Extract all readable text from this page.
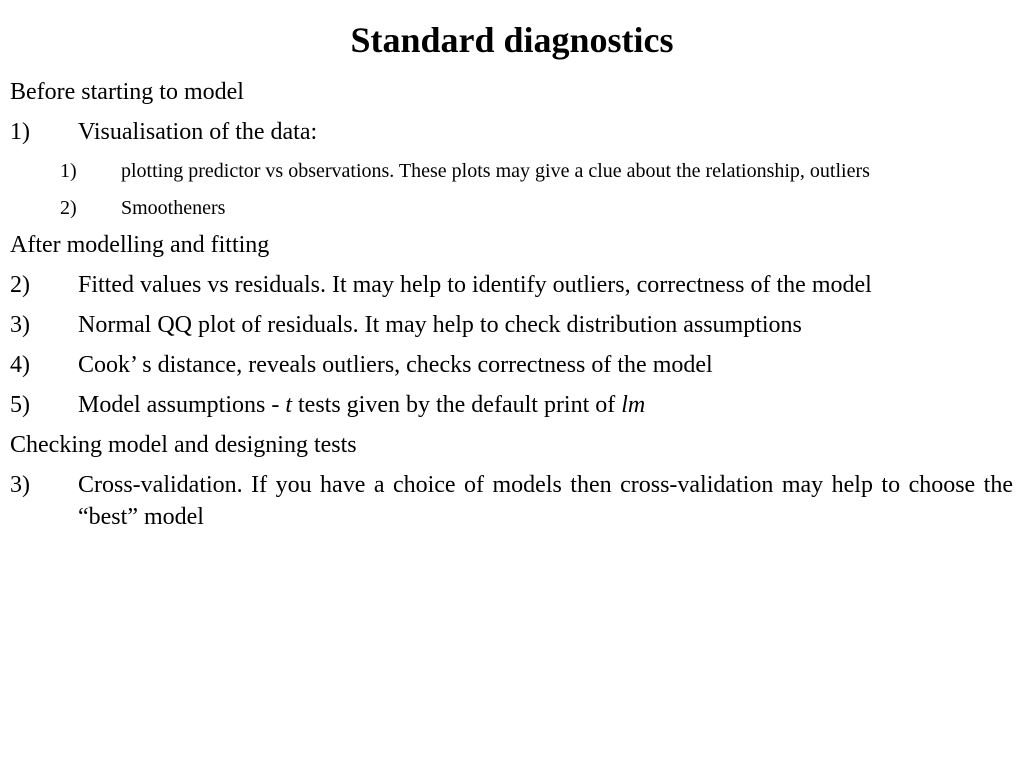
Standard diagnostics

Before starting to model

1)	Visualisation of the data:
1)	plotting predictor vs observations. These plots may give a clue about the relationship, outliers
2)	Smootheners

After modelling and fitting

2)	Fitted values vs residuals. It may help to identify outliers, correctness of the model
3)	Normal QQ plot of residuals. It may help to check distribution assumptions
4)	Cook’ s distance, reveals outliers, checks correctness of the model
5)	Model assumptions - t tests given by the default print of lm

Checking model and designing tests

3)	Cross-validation. If you have a choice of models then cross-validation may help to choose the “best” model
